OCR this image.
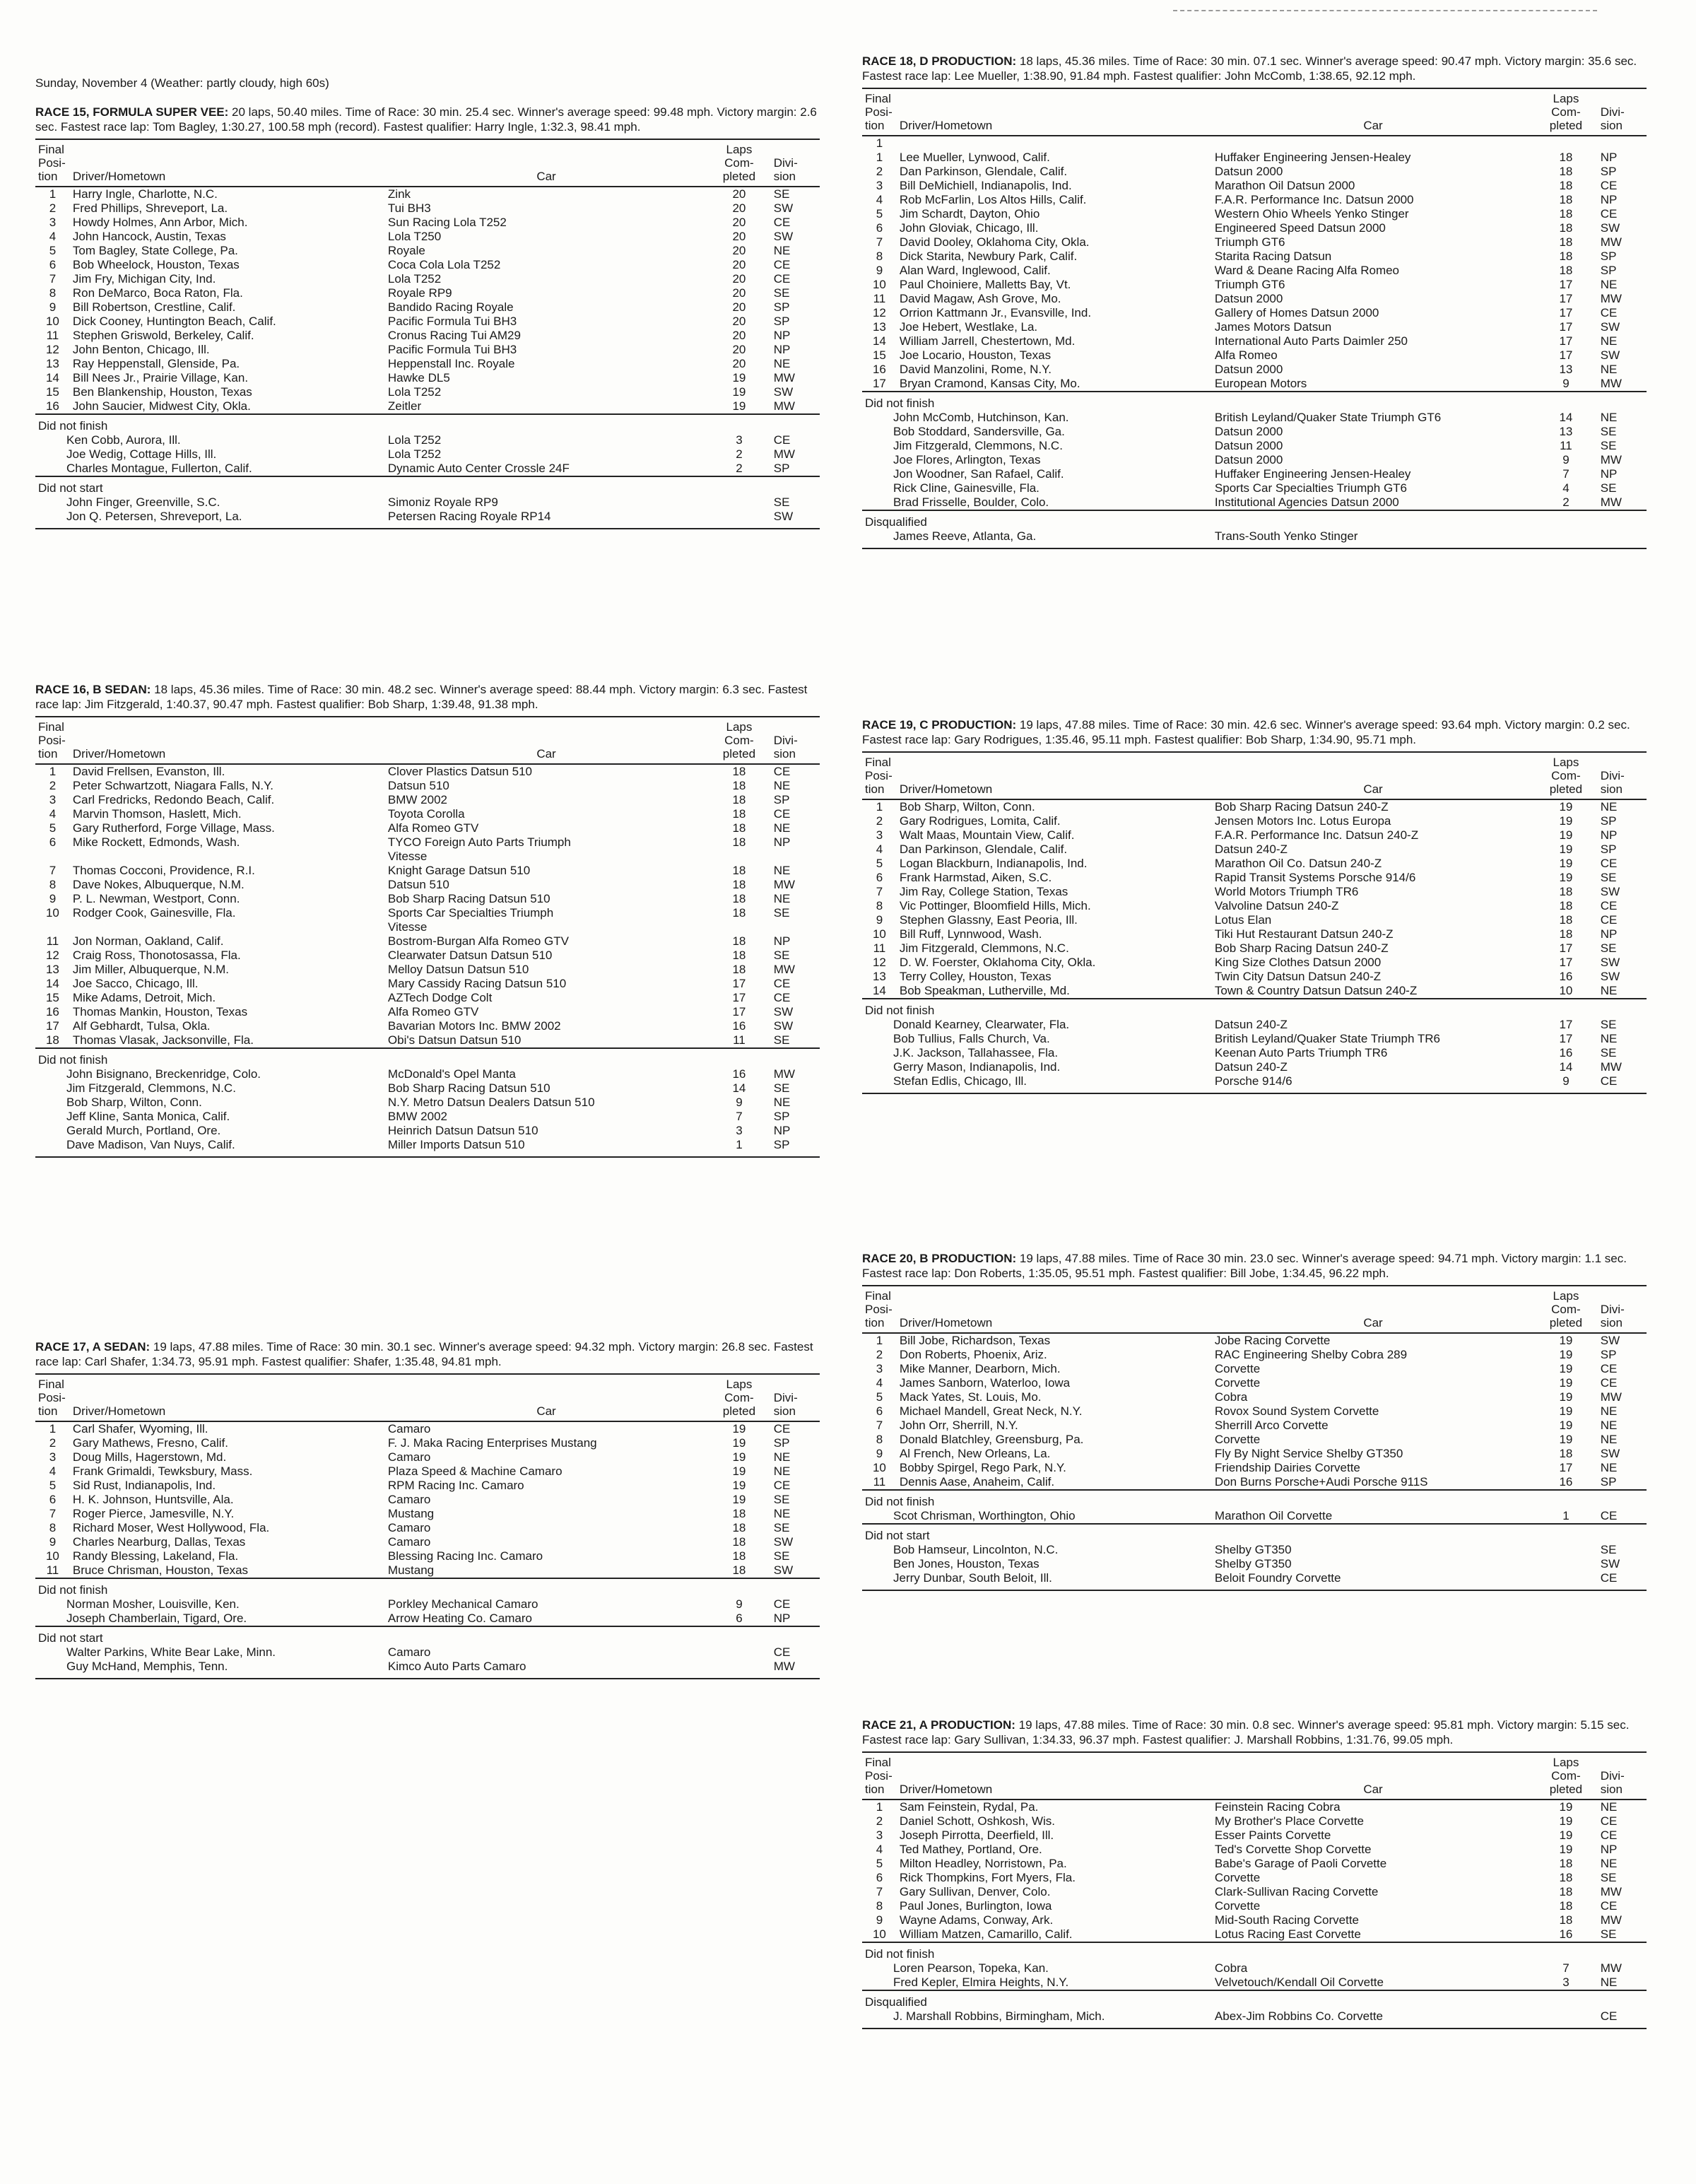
Sunday, November 4 (Weather: partly cloudy, high 60s)
RACE 15, FORMULA SUPER VEE: 20 laps, 50.40 miles. Time of Race: 30 min. 25.4 sec. Winner's average speed: 99.48 mph. Victory margin: 2.6 sec. Fastest race lap: Tom Bagley, 1:30.27, 100.58 mph (record). Fastest qualifier: Harry Ingle, 1:32.3, 98.41 mph.
Final Posi- tion	Driver/Hometown	Car	Laps Com- pleted	Divi- sion
1	Harry Ingle, Charlotte, N.C.	Zink	20	SE
2	Fred Phillips, Shreveport, La.	Tui BH3	20	SW
3	Howdy Holmes, Ann Arbor, Mich.	Sun Racing Lola T252	20	CE
4	John Hancock, Austin, Texas	Lola T250	20	SW
5	Tom Bagley, State College, Pa.	Royale	20	NE
6	Bob Wheelock, Houston, Texas	Coca Cola Lola T252	20	CE
7	Jim Fry, Michigan City, Ind.	Lola T252	20	CE
8	Ron DeMarco, Boca Raton, Fla.	Royale RP9	20	SE
9	Bill Robertson, Crestline, Calif.	Bandido Racing Royale	20	SP
10	Dick Cooney, Huntington Beach, Calif.	Pacific Formula Tui BH3	20	SP
11	Stephen Griswold, Berkeley, Calif.	Cronus Racing Tui AM29	20	NP
12	John Benton, Chicago, Ill.	Pacific Formula Tui BH3	20	NP
13	Ray Heppenstall, Glenside, Pa.	Heppenstall Inc. Royale	20	NE
14	Bill Nees Jr., Prairie Village, Kan.	Hawke DL5	19	MW
15	Ben Blankenship, Houston, Texas	Lola T252	19	SW
16	John Saucier, Midwest City, Okla.	Zeitler	19	MW
Did not finish				
Ken Cobb, Aurora, Ill.		Lola T252	3	CE
Joe Wedig, Cottage Hills, Ill.		Lola T252	2	MW
Charles Montague, Fullerton, Calif.		Dynamic Auto Center Crossle 24F	2	SP
Did not start				
John Finger, Greenville, S.C.		Simoniz Royale RP9		SE
Jon Q. Petersen, Shreveport, La.		Petersen Racing Royale RP14		SW

RACE 16, B SEDAN: 18 laps, 45.36 miles. Time of Race: 30 min. 48.2 sec. Winner's average speed: 88.44 mph. Victory margin: 6.3 sec. Fastest race lap: Jim Fitzgerald, 1:40.37, 90.47 mph. Fastest qualifier: Bob Sharp, 1:39.48, 91.38 mph.
Final Posi- tion	Driver/Hometown	Car	Laps Com- pleted	Divi- sion
1	David Frellsen, Evanston, Ill.	Clover Plastics Datsun 510	18	CE
2	Peter Schwartzott, Niagara Falls, N.Y.	Datsun 510	18	NE
3	Carl Fredricks, Redondo Beach, Calif.	BMW 2002	18	SP
4	Marvin Thomson, Haslett, Mich.	Toyota Corolla	18	CE
5	Gary Rutherford, Forge Village, Mass.	Alfa Romeo GTV	18	NE
6	Mike Rockett, Edmonds, Wash.	TYCO Foreign Auto Parts Triumph	18	NP
		Vitesse		
7	Thomas Cocconi, Providence, R.I.	Knight Garage Datsun 510	18	NE
8	Dave Nokes, Albuquerque, N.M.	Datsun 510	18	MW
9	P. L. Newman, Westport, Conn.	Bob Sharp Racing Datsun 510	18	NE
10	Rodger Cook, Gainesville, Fla.	Sports Car Specialties Triumph	18	SE
		Vitesse		
11	Jon Norman, Oakland, Calif.	Bostrom-Burgan Alfa Romeo GTV	18	NP
12	Craig Ross, Thonotosassa, Fla.	Clearwater Datsun Datsun 510	18	SE
13	Jim Miller, Albuquerque, N.M.	Melloy Datsun Datsun 510	18	MW
14	Joe Sacco, Chicago, Ill.	Mary Cassidy Racing Datsun 510	17	CE
15	Mike Adams, Detroit, Mich.	AZTech Dodge Colt	17	CE
16	Thomas Mankin, Houston, Texas	Alfa Romeo GTV	17	SW
17	Alf Gebhardt, Tulsa, Okla.	Bavarian Motors Inc. BMW 2002	16	SW
18	Thomas Vlasak, Jacksonville, Fla.	Obi's Datsun Datsun 510	11	SE
Did not finish				
John Bisignano, Breckenridge, Colo.		McDonald's Opel Manta	16	MW
Jim Fitzgerald, Clemmons, N.C.		Bob Sharp Racing Datsun 510	14	SE
Bob Sharp, Wilton, Conn.		N.Y. Metro Datsun Dealers Datsun 510	9	NE
Jeff Kline, Santa Monica, Calif.		BMW 2002	7	SP
Gerald Murch, Portland, Ore.		Heinrich Datsun Datsun 510	3	NP
Dave Madison, Van Nuys, Calif.		Miller Imports Datsun 510	1	SP

RACE 17, A SEDAN: 19 laps, 47.88 miles. Time of Race: 30 min. 30.1 sec. Winner's average speed: 94.32 mph. Victory margin: 26.8 sec. Fastest race lap: Carl Shafer, 1:34.73, 95.91 mph. Fastest qualifier: Shafer, 1:35.48, 94.81 mph.
Final Posi- tion	Driver/Hometown	Car	Laps Com- pleted	Divi- sion
1	Carl Shafer, Wyoming, Ill.	Camaro	19	CE
2	Gary Mathews, Fresno, Calif.	F. J. Maka Racing Enterprises Mustang	19	SP
3	Doug Mills, Hagerstown, Md.	Camaro	19	NE
4	Frank Grimaldi, Tewksbury, Mass.	Plaza Speed & Machine Camaro	19	NE
5	Sid Rust, Indianapolis, Ind.	RPM Racing Inc. Camaro	19	CE
6	H. K. Johnson, Huntsville, Ala.	Camaro	19	SE
7	Roger Pierce, Jamesville, N.Y.	Mustang	18	NE
8	Richard Moser, West Hollywood, Fla.	Camaro	18	SE
9	Charles Nearburg, Dallas, Texas	Camaro	18	SW
10	Randy Blessing, Lakeland, Fla.	Blessing Racing Inc. Camaro	18	SE
11	Bruce Chrisman, Houston, Texas	Mustang	18	SW
Did not finish				
Norman Mosher, Louisville, Ken.		Porkley Mechanical Camaro	9	CE
Joseph Chamberlain, Tigard, Ore.		Arrow Heating Co. Camaro	6	NP
Did not start				
Walter Parkins, White Bear Lake, Minn.		Camaro		CE
Guy McHand, Memphis, Tenn.		Kimco Auto Parts Camaro		MW

RACE 18, D PRODUCTION: 18 laps, 45.36 miles. Time of Race: 30 min. 07.1 sec. Winner's average speed: 90.47 mph. Victory margin: 35.6 sec. Fastest race lap: Lee Mueller, 1:38.90, 91.84 mph. Fastest qualifier: John McComb, 1:38.65, 92.12 mph.
Final Posi- tion	Driver/Hometown	Car	Laps Com- pleted	Divi- sion
1				
1	Lee Mueller, Lynwood, Calif.	Huffaker Engineering Jensen-Healey	18	NP
2	Dan Parkinson, Glendale, Calif.	Datsun 2000	18	SP
3	Bill DeMichiell, Indianapolis, Ind.	Marathon Oil Datsun 2000	18	CE
4	Rob McFarlin, Los Altos Hills, Calif.	F.A.R. Performance Inc. Datsun 2000	18	NP
5	Jim Schardt, Dayton, Ohio	Western Ohio Wheels Yenko Stinger	18	CE
6	John Gloviak, Chicago, Ill.	Engineered Speed Datsun 2000	18	SW
7	David Dooley, Oklahoma City, Okla.	Triumph GT6	18	MW
8	Dick Starita, Newbury Park, Calif.	Starita Racing Datsun	18	SP
9	Alan Ward, Inglewood, Calif.	Ward & Deane Racing Alfa Romeo	18	SP
10	Paul Choiniere, Malletts Bay, Vt.	Triumph GT6	17	NE
11	David Magaw, Ash Grove, Mo.	Datsun 2000	17	MW
12	Orrion Kattmann Jr., Evansville, Ind.	Gallery of Homes Datsun 2000	17	CE
13	Joe Hebert, Westlake, La.	James Motors Datsun	17	SW
14	William Jarrell, Chestertown, Md.	International Auto Parts Daimler 250	17	NE
15	Joe Locario, Houston, Texas	Alfa Romeo	17	SW
16	David Manzolini, Rome, N.Y.	Datsun 2000	13	NE
17	Bryan Cramond, Kansas City, Mo.	European Motors	9	MW
Did not finish				
John McComb, Hutchinson, Kan.		British Leyland/Quaker State Triumph GT6	14	NE
Bob Stoddard, Sandersville, Ga.		Datsun 2000	13	SE
Jim Fitzgerald, Clemmons, N.C.		Datsun 2000	11	SE
Joe Flores, Arlington, Texas		Datsun 2000	9	MW
Jon Woodner, San Rafael, Calif.		Huffaker Engineering Jensen-Healey	7	NP
Rick Cline, Gainesville, Fla.		Sports Car Specialties Triumph GT6	4	SE
Brad Frisselle, Boulder, Colo.		Institutional Agencies Datsun 2000	2	MW
Disqualified				
James Reeve, Atlanta, Ga.		Trans-South Yenko Stinger		

RACE 19, C PRODUCTION: 19 laps, 47.88 miles. Time of Race: 30 min. 42.6 sec. Winner's average speed: 93.64 mph. Victory margin: 0.2 sec. Fastest race lap: Gary Rodrigues, 1:35.46, 95.11 mph. Fastest qualifier: Bob Sharp, 1:34.90, 95.71 mph.
Final Posi- tion	Driver/Hometown	Car	Laps Com- pleted	Divi- sion
1	Bob Sharp, Wilton, Conn.	Bob Sharp Racing Datsun 240-Z	19	NE
2	Gary Rodrigues, Lomita, Calif.	Jensen Motors Inc. Lotus Europa	19	SP
3	Walt Maas, Mountain View, Calif.	F.A.R. Performance Inc. Datsun 240-Z	19	NP
4	Dan Parkinson, Glendale, Calif.	Datsun 240-Z	19	SP
5	Logan Blackburn, Indianapolis, Ind.	Marathon Oil Co. Datsun 240-Z	19	CE
6	Frank Harmstad, Aiken, S.C.	Rapid Transit Systems Porsche 914/6	19	SE
7	Jim Ray, College Station, Texas	World Motors Triumph TR6	18	SW
8	Vic Pottinger, Bloomfield Hills, Mich.	Valvoline Datsun 240-Z	18	CE
9	Stephen Glassny, East Peoria, Ill.	Lotus Elan	18	CE
10	Bill Ruff, Lynnwood, Wash.	Tiki Hut Restaurant Datsun 240-Z	18	NP
11	Jim Fitzgerald, Clemmons, N.C.	Bob Sharp Racing Datsun 240-Z	17	SE
12	D. W. Foerster, Oklahoma City, Okla.	King Size Clothes Datsun 2000	17	SW
13	Terry Colley, Houston, Texas	Twin City Datsun Datsun 240-Z	16	SW
14	Bob Speakman, Lutherville, Md.	Town & Country Datsun Datsun 240-Z	10	NE
Did not finish				
Donald Kearney, Clearwater, Fla.		Datsun 240-Z	17	SE
Bob Tullius, Falls Church, Va.		British Leyland/Quaker State Triumph TR6	17	NE
J.K. Jackson, Tallahassee, Fla.		Keenan Auto Parts Triumph TR6	16	SE
Gerry Mason, Indianapolis, Ind.		Datsun 240-Z	14	MW
Stefan Edlis, Chicago, Ill.		Porsche 914/6	9	CE

RACE 20, B PRODUCTION: 19 laps, 47.88 miles. Time of Race 30 min. 23.0 sec. Winner's average speed: 94.71 mph. Victory margin: 1.1 sec. Fastest race lap: Don Roberts, 1:35.05, 95.51 mph. Fastest qualifier: Bill Jobe, 1:34.45, 96.22 mph.
Final Posi- tion	Driver/Hometown	Car	Laps Com- pleted	Divi- sion
1	Bill Jobe, Richardson, Texas	Jobe Racing Corvette	19	SW
2	Don Roberts, Phoenix, Ariz.	RAC Engineering Shelby Cobra 289	19	SP
3	Mike Manner, Dearborn, Mich.	Corvette	19	CE
4	James Sanborn, Waterloo, Iowa	Corvette	19	CE
5	Mack Yates, St. Louis, Mo.	Cobra	19	MW
6	Michael Mandell, Great Neck, N.Y.	Rovox Sound System Corvette	19	NE
7	John Orr, Sherrill, N.Y.	Sherrill Arco Corvette	19	NE
8	Donald Blatchley, Greensburg, Pa.	Corvette	19	NE
9	Al French, New Orleans, La.	Fly By Night Service Shelby GT350	18	SW
10	Bobby Spirgel, Rego Park, N.Y.	Friendship Dairies Corvette	17	NE
11	Dennis Aase, Anaheim, Calif.	Don Burns Porsche+Audi Porsche 911S	16	SP
Did not finish				
Scot Chrisman, Worthington, Ohio		Marathon Oil Corvette	1	CE
Did not start				
Bob Hamseur, Lincolnton, N.C.		Shelby GT350		SE
Ben Jones, Houston, Texas		Shelby GT350		SW
Jerry Dunbar, South Beloit, Ill.		Beloit Foundry Corvette		CE

RACE 21, A PRODUCTION: 19 laps, 47.88 miles. Time of Race: 30 min. 0.8 sec. Winner's average speed: 95.81 mph. Victory margin: 5.15 sec. Fastest race lap: Gary Sullivan, 1:34.33, 96.37 mph. Fastest qualifier: J. Marshall Robbins, 1:31.76, 99.05 mph.
Final Posi- tion	Driver/Hometown	Car	Laps Com- pleted	Divi- sion
1	Sam Feinstein, Rydal, Pa.	Feinstein Racing Cobra	19	NE
2	Daniel Schott, Oshkosh, Wis.	My Brother's Place Corvette	19	CE
3	Joseph Pirrotta, Deerfield, Ill.	Esser Paints Corvette	19	CE
4	Ted Mathey, Portland, Ore.	Ted's Corvette Shop Corvette	19	NP
5	Milton Headley, Norristown, Pa.	Babe's Garage of Paoli Corvette	18	NE
6	Rick Thompkins, Fort Myers, Fla.	Corvette	18	SE
7	Gary Sullivan, Denver, Colo.	Clark-Sullivan Racing Corvette	18	MW
8	Paul Jones, Burlington, Iowa	Corvette	18	CE
9	Wayne Adams, Conway, Ark.	Mid-South Racing Corvette	18	MW
10	William Matzen, Camarillo, Calif.	Lotus Racing East Corvette	16	SE
Did not finish				
Loren Pearson, Topeka, Kan.		Cobra	7	MW
Fred Kepler, Elmira Heights, N.Y.		Velvetouch/Kendall Oil Corvette	3	NE
Disqualified				
J. Marshall Robbins, Birmingham, Mich.		Abex-Jim Robbins Co. Corvette		CE
